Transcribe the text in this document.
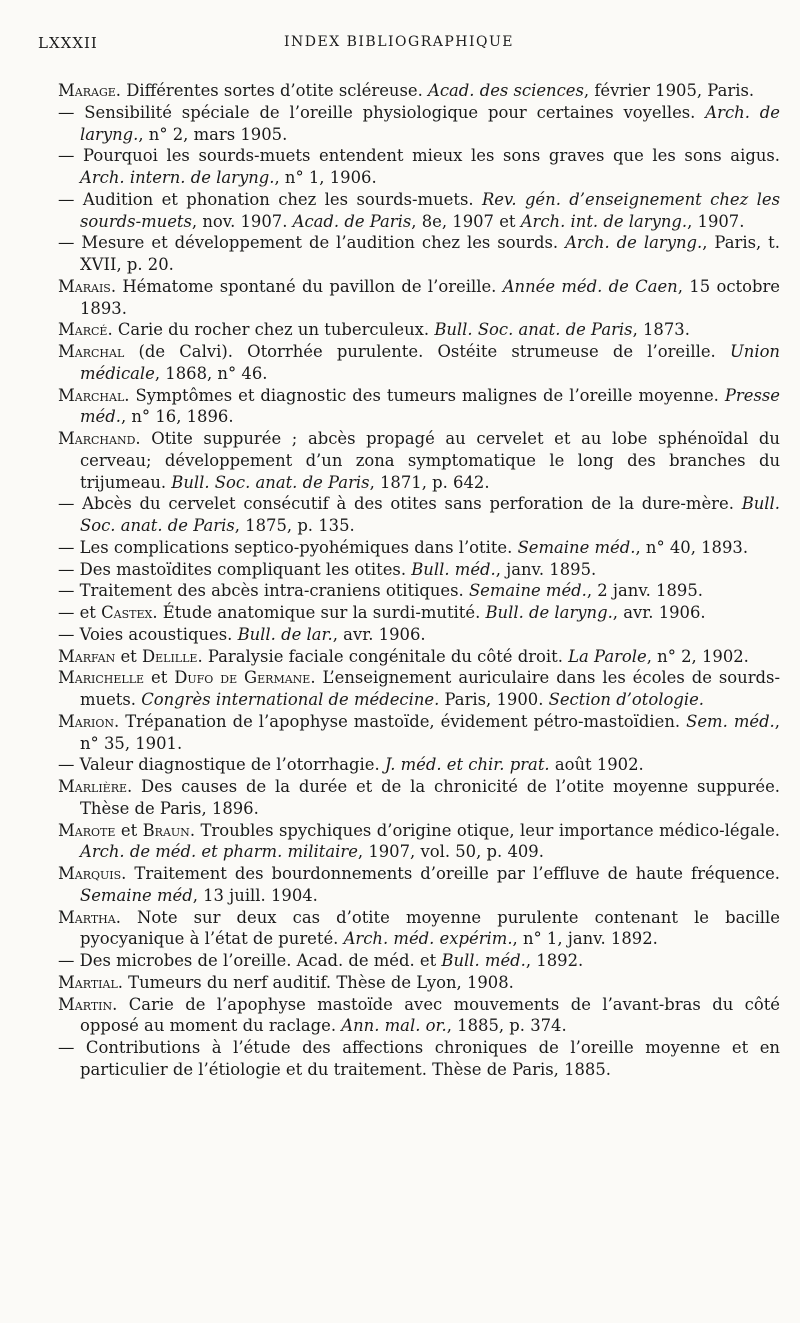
LXXXII	INDEX BIBLIOGRAPHIQUE

Marage. Différentes sortes d’otite scléreuse. Acad. des sciences, février 1905, Paris.

— Sensibilité spéciale de l’oreille physiologique pour certaines voyelles. Arch. de laryng., n° 2, mars 1905.

— Pourquoi les sourds-muets entendent mieux les sons graves que les sons aigus. Arch. intern. de laryng., n° 1, 1906.

— Audition et phonation chez les sourds-muets. Rev. gén. d’enseignement chez les sourds-muets, nov. 1907. Acad. de Paris, 8e, 1907 et Arch. int. de laryng., 1907.

— Mesure et développement de l’audition chez les sourds. Arch. de laryng., Paris, t. XVII, p. 20.

Marais. Hématome spontané du pavillon de l’oreille. Année méd. de Caen, 15 octobre 1893.

Marcé. Carie du rocher chez un tuberculeux. Bull. Soc. anat. de Paris, 1873.

Marchal (de Calvi). Otorrhée purulente. Ostéite strumeuse de l’oreille. Union médicale, 1868, n° 46.

Marchal. Symptômes et diagnostic des tumeurs malignes de l’oreille moyenne. Presse méd., n° 16, 1896.

Marchand. Otite suppurée ; abcès propagé au cervelet et au lobe sphénoïdal du cerveau; développement d’un zona symptomatique le long des branches du trijumeau. Bull. Soc. anat. de Paris, 1871, p. 642.

— Abcès du cervelet consécutif à des otites sans perforation de la dure-mère. Bull. Soc. anat. de Paris, 1875, p. 135.

— Les complications septico-pyohémiques dans l’otite. Semaine méd., n° 40, 1893.

— Des mastoïdites compliquant les otites. Bull. méd., janv. 1895.

— Traitement des abcès intra-craniens otitiques. Semaine méd., 2 janv. 1895.

— et Castex. Étude anatomique sur la surdi-mutité. Bull. de laryng., avr. 1906.

— Voies acoustiques. Bull. de lar., avr. 1906.

Marfan et Delille. Paralysie faciale congénitale du côté droit. La Parole, n° 2, 1902.

Marichelle et Dufo de Germane. L’enseignement auriculaire dans les écoles de sourds-muets. Congrès international de médecine. Paris, 1900. Section d’otologie.

Marion. Trépanation de l’apophyse mastoïde, évidement pétro-mastoïdien. Sem. méd., n° 35, 1901.

— Valeur diagnostique de l’otorrhagie. J. méd. et chir. prat. août 1902.

Marlière. Des causes de la durée et de la chronicité de l’otite moyenne suppurée. Thèse de Paris, 1896.

Marote et Braun. Troubles spychiques d’origine otique, leur importance médico-légale. Arch. de méd. et pharm. militaire, 1907, vol. 50, p. 409.

Marquis. Traitement des bourdonnements d’oreille par l’effluve de haute fréquence. Semaine méd, 13 juill. 1904.

Martha. Note sur deux cas d’otite moyenne purulente contenant le bacille pyocyanique à l’état de pureté. Arch. méd. expérim., n° 1, janv. 1892.

— Des microbes de l’oreille. Acad. de méd. et Bull. méd., 1892.

Martial. Tumeurs du nerf auditif. Thèse de Lyon, 1908.

Martin. Carie de l’apophyse mastoïde avec mouvements de l’avant-bras du côté opposé au moment du raclage. Ann. mal. or., 1885, p. 374.

— Contributions à l’étude des affections chroniques de l’oreille moyenne et en particulier de l’étiologie et du traitement. Thèse de Paris, 1885.
